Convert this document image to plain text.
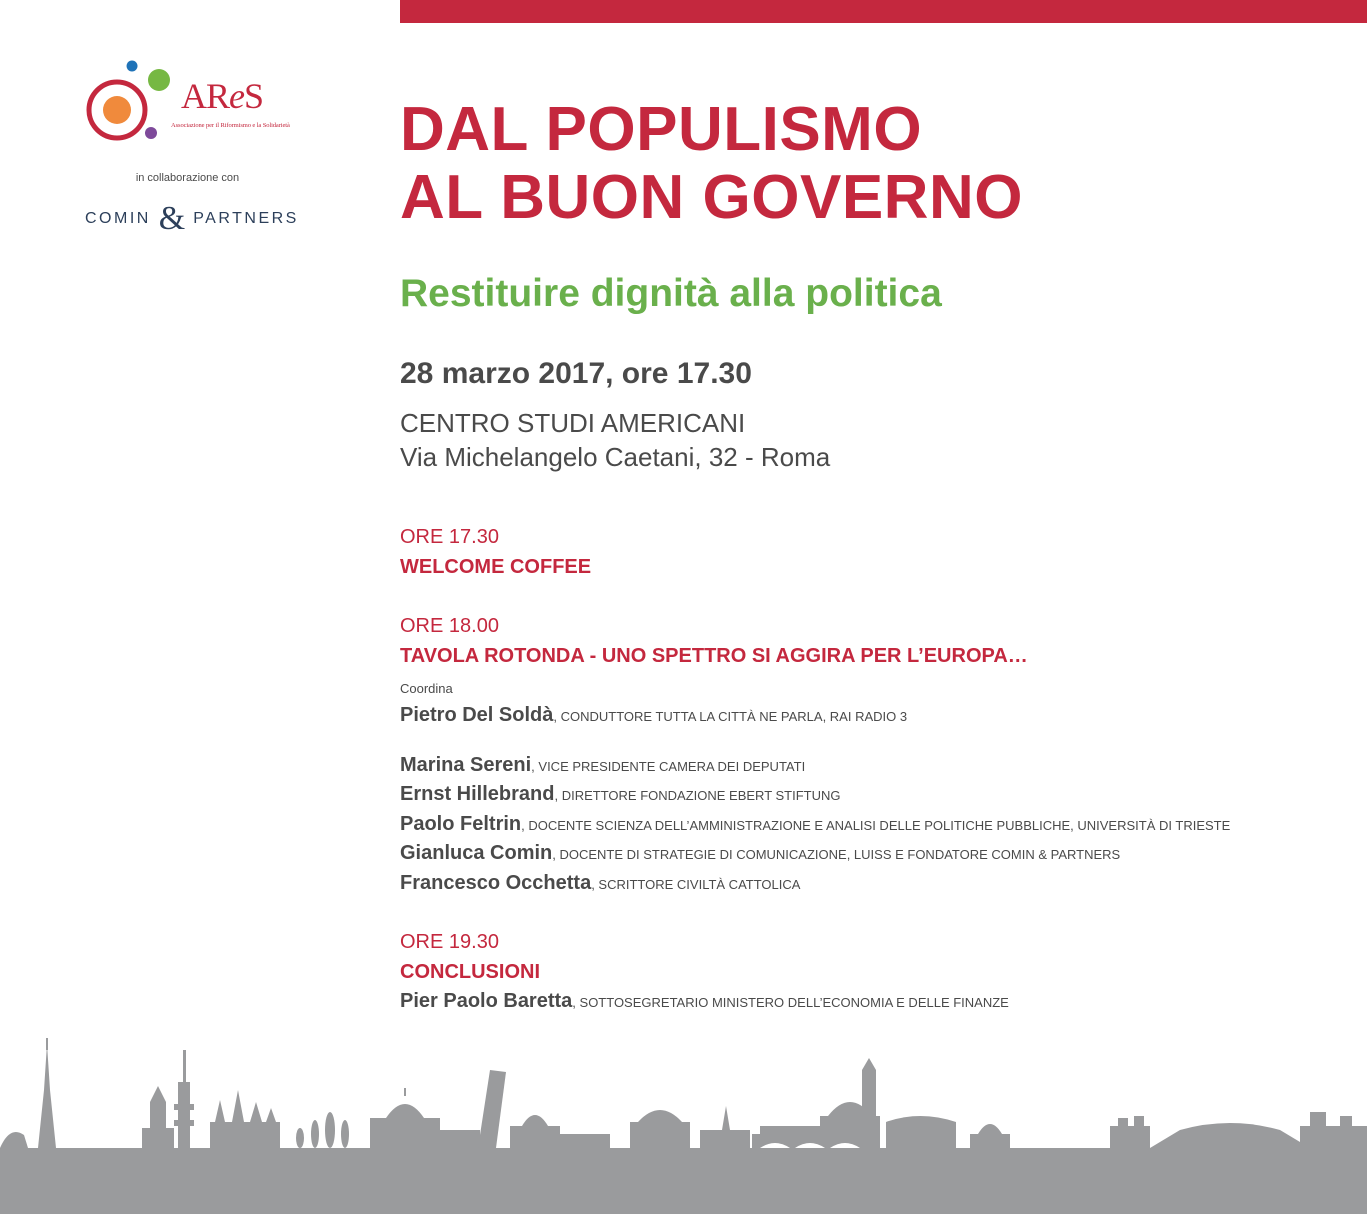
AReS
Associazione per il Riformismo e la Solidarietà
in collaborazione con
COMIN & PARTNERS
DAL POPULISMO
AL BUON GOVERNO
Restituire dignità alla politica
28 marzo 2017, ore 17.30
CENTRO STUDI AMERICANI
Via Michelangelo Caetani, 32 - Roma
ORE 17.30
WELCOME COFFEE
ORE 18.00
TAVOLA ROTONDA - UNO SPETTRO SI AGGIRA PER L’EUROPA…
Coordina
Pietro Del Soldà, CONDUTTORE TUTTA LA CITTÀ NE PARLA, RAI RADIO 3
Marina Sereni, VICE PRESIDENTE CAMERA DEI DEPUTATI
Ernst Hillebrand, DIRETTORE FONDAZIONE EBERT STIFTUNG
Paolo Feltrin, DOCENTE SCIENZA DELL’AMMINISTRAZIONE E ANALISI DELLE POLITICHE PUBBLICHE, UNIVERSITÀ DI TRIESTE
Gianluca Comin, DOCENTE DI STRATEGIE DI COMUNICAZIONE, LUISS E FONDATORE COMIN & PARTNERS
Francesco Occhetta, SCRITTORE CIVILTÀ CATTOLICA
ORE 19.30
CONCLUSIONI
Pier Paolo Baretta, SOTTOSEGRETARIO MINISTERO DELL’ECONOMIA E DELLE FINANZE
